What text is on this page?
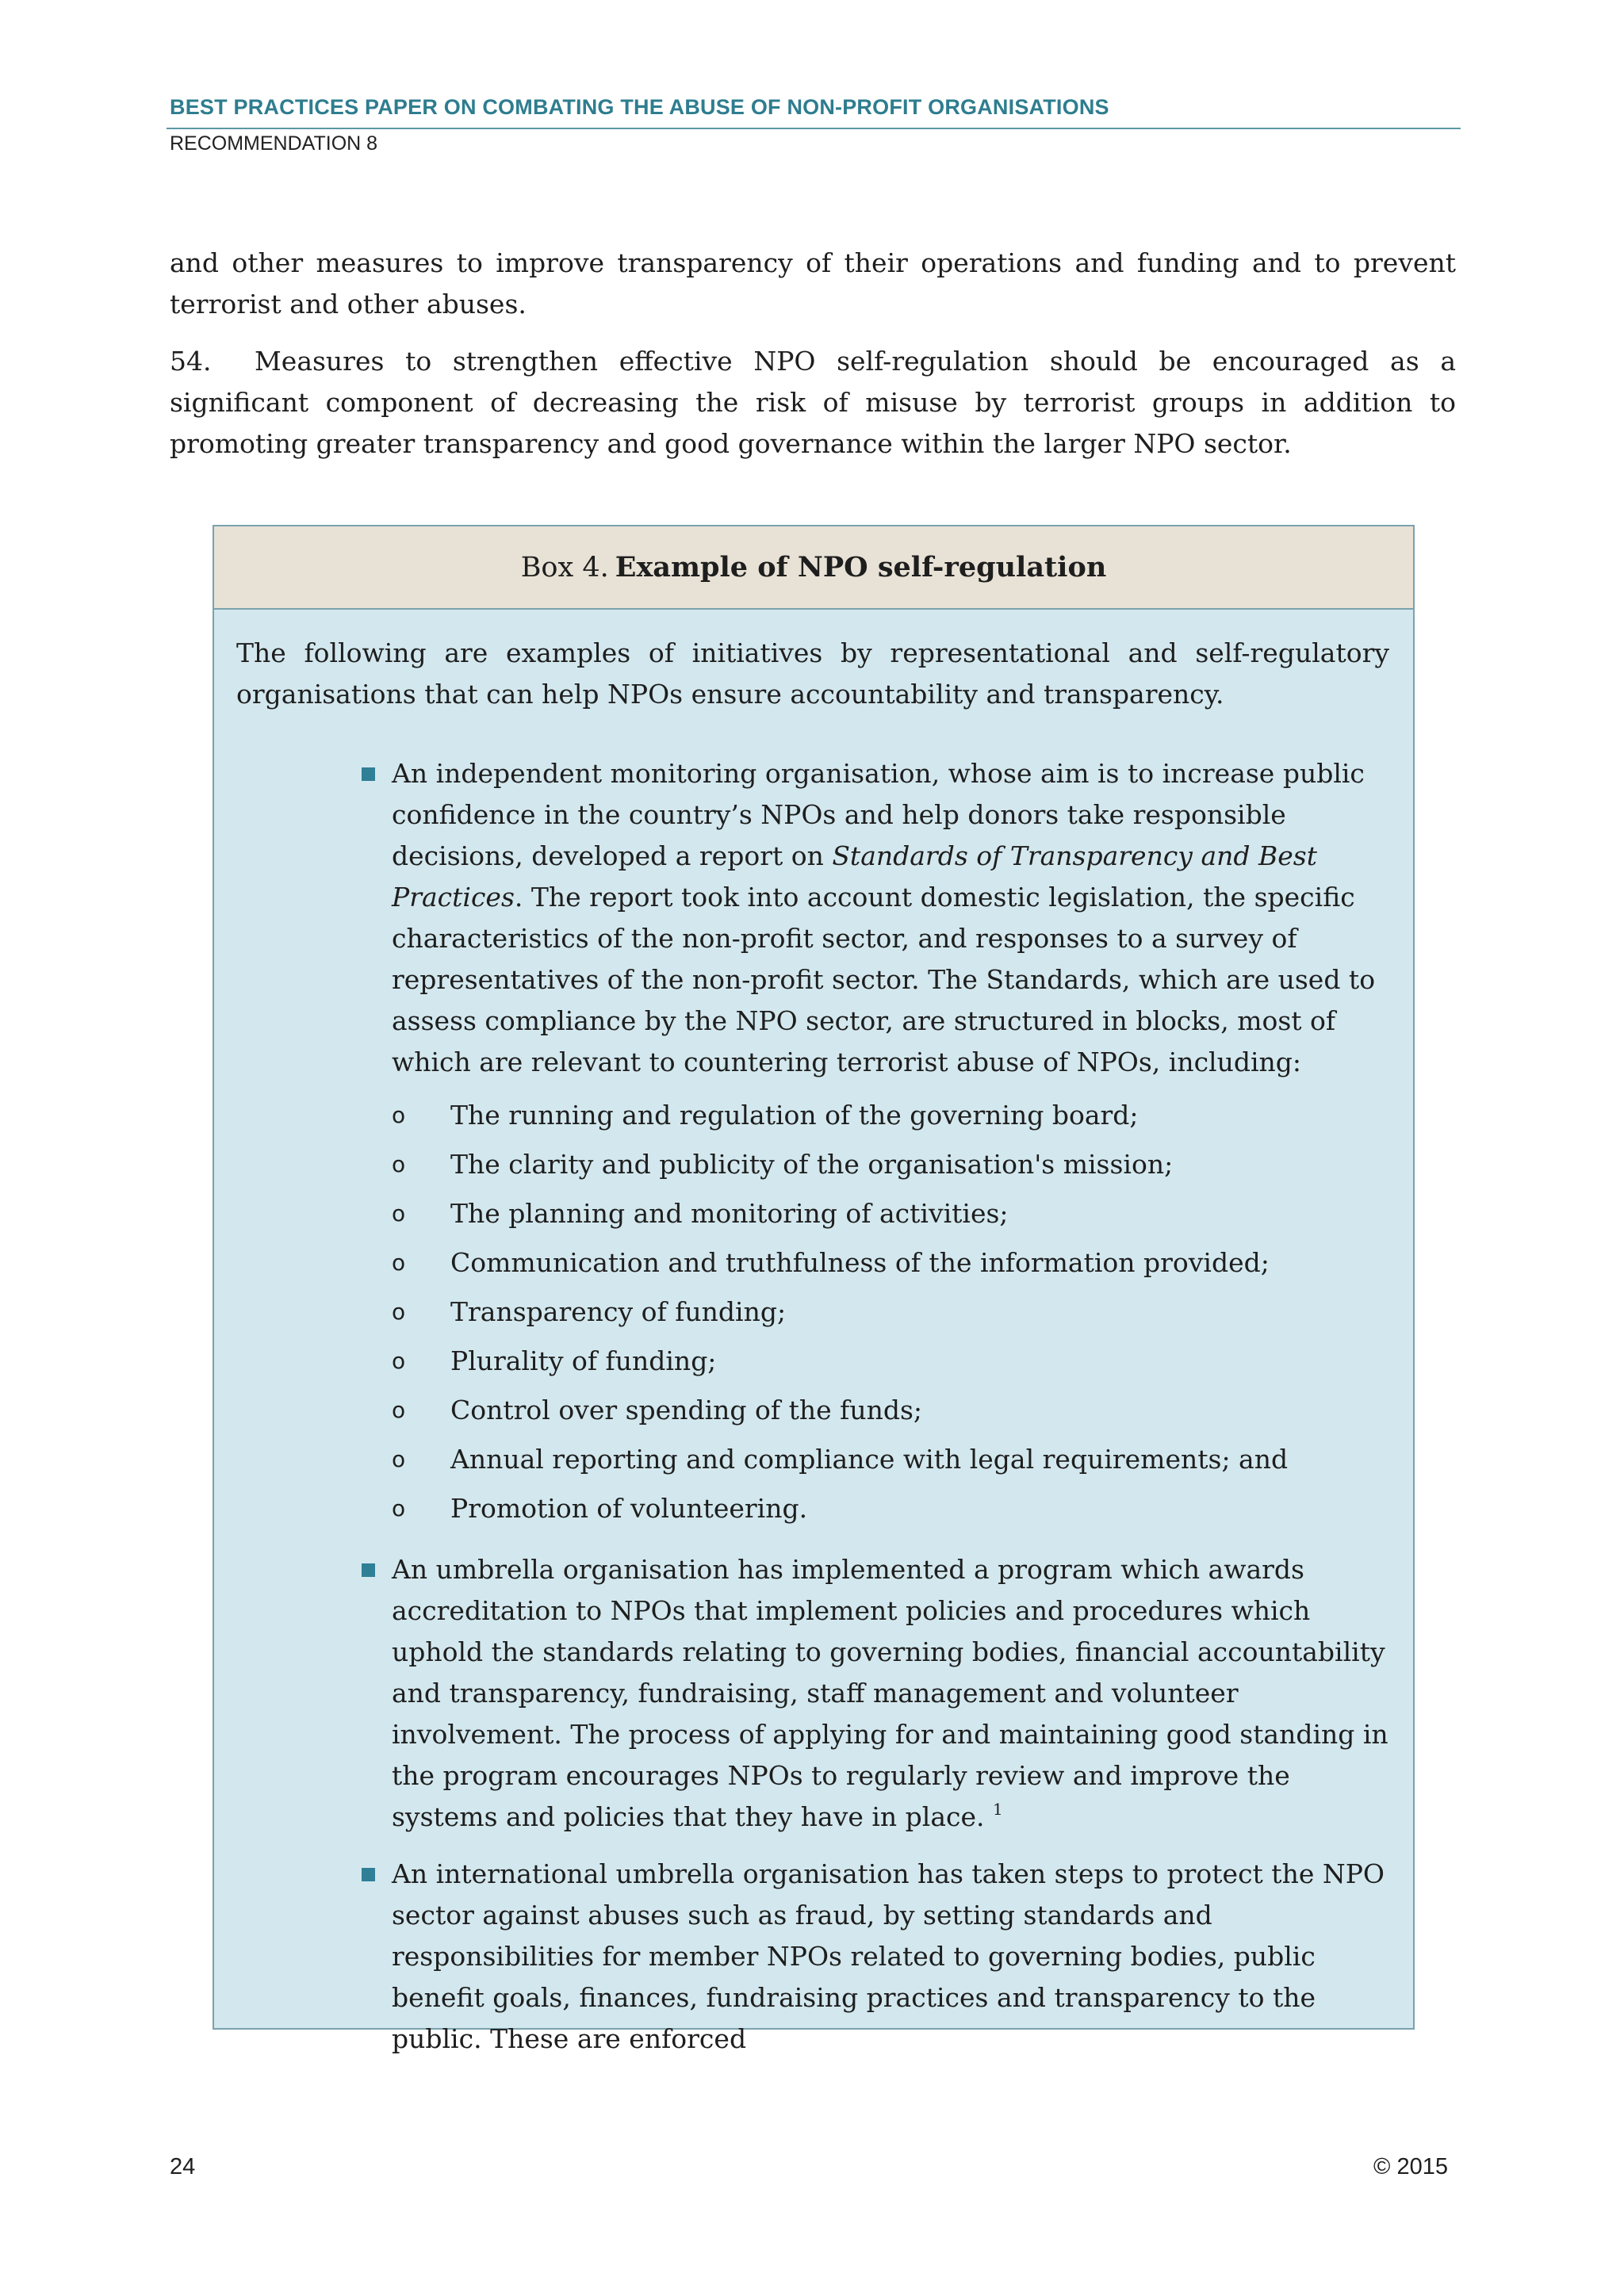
BEST PRACTICES PAPER ON COMBATING THE ABUSE OF NON-PROFIT ORGANISATIONS
RECOMMENDATION 8

and other measures to improve transparency of their operations and funding and to prevent terrorist and other abuses.

54. Measures to strengthen effective NPO self-regulation should be encouraged as a significant component of decreasing the risk of misuse by terrorist groups in addition to promoting greater transparency and good governance within the larger NPO sector.

Box 4. Example of NPO self-regulation

The following are examples of initiatives by representational and self-regulatory organisations that can help NPOs ensure accountability and transparency.

An independent monitoring organisation, whose aim is to increase public confidence in the country’s NPOs and help donors take responsible decisions, developed a report on Standards of Transparency and Best Practices. The report took into account domestic legislation, the specific characteristics of the non-profit sector, and responses to a survey of representatives of the non-profit sector. The Standards, which are used to assess compliance by the NPO sector, are structured in blocks, most of which are relevant to countering terrorist abuse of NPOs, including:
o The running and regulation of the governing board;
o The clarity and publicity of the organisation's mission;
o The planning and monitoring of activities;
o Communication and truthfulness of the information provided;
o Transparency of funding;
o Plurality of funding;
o Control over spending of the funds;
o Annual reporting and compliance with legal requirements; and
o Promotion of volunteering.
An umbrella organisation has implemented a program which awards accreditation to NPOs that implement policies and procedures which uphold the standards relating to governing bodies, financial accountability and transparency, fundraising, staff management and volunteer involvement. The process of applying for and maintaining good standing in the program encourages NPOs to regularly review and improve the systems and policies that they have in place. $^1$
An international umbrella organisation has taken steps to protect the NPO sector against abuses such as fraud, by setting standards and responsibilities for member NPOs related to governing bodies, public benefit goals, finances, fundraising practices and transparency to the public. These are enforced
24	© 2015
